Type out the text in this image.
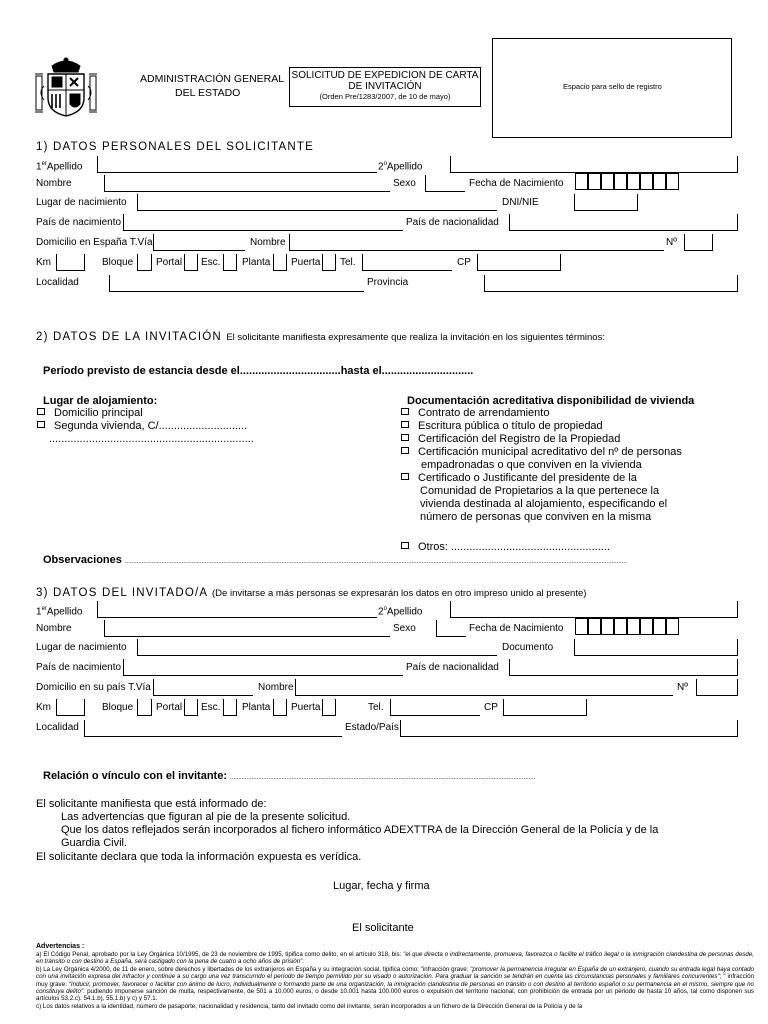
ADMINISTRACIÓN GENERAL
DEL ESTADO
SOLICITUD DE EXPEDICION DE CARTA
DE INVITACIÓN
(Orden Pre/1283/2007, de 10 de mayo)
Espacio para sello de registro
1) DATOS PERSONALES DEL SOLICITANTE
1erApellido	2$^o$Apellido
Nombre	Sexo	Fecha de Nacimiento
Lugar de nacimiento	DNI/NIE
País de nacimiento	País de nacionalidad
Domicilio en España T.Vía	Nombre	Nº
Km	Bloque Portal Esc. Planta Puerta Tel.	CP
Localidad	Provincia
2) DATOS DE LA INVITACIÓN El solicitante manifiesta expresamente que realiza la invitación en los siguientes términos:
Período previsto de estancia desde el.................................hasta el..............................
Lugar de alojamiento:
Domicilio principal
Segunda vivienda, C/.............................
...................................................................
Documentación acreditativa disponibilidad de vivienda
Contrato de arrendamiento
Escritura pública o título de propiedad
Certificación del Registro de la Propiedad
Certificación municipal acreditativo del nº de personas
empadronadas o que conviven en la vivienda
Certificado o Justificante del presidente de la
Comunidad de Propietarios a la que pertenece la
vivienda destinada al alojamiento, especificando el
número de personas que conviven en la misma
Otros: ....................................................
Observaciones .............................................................................................................................................................................................................................................................................................................
3) DATOS DEL INVITADO/A (De invitarse a más personas se expresarán los datos en otro impreso unido al presente)
1erApellido	2$^o$Apellido
Nombre	Sexo	Fecha de Nacimiento
Lugar de nacimiento	Documento
País de nacimiento	País de nacionalidad
Domicilio en su país T.Vía	Nombre	Nº
Km	Bloque Portal Esc. Planta Puerta	Tel.	CP
Localidad	Estado/País
Relación o vínculo con el invitante: .......................................................................................................................................................................................
El solicitante manifiesta que está informado de:
Las advertencias que figuran al pie de la presente solicitud.
Que los datos reflejados serán incorporados al fichero informático ADEXTTRA de la Dirección General de la Policía y de la
Guardia Civil.
El solicitante declara que toda la información expuesta es verídica.
Lugar, fecha y firma
El solicitante

Advertencias :

a) El Código Penal, aprobado por la Ley Orgánica 10/1995, de 23 de noviembre de 1995, tipifica como delito, en el artículo 318, bis: "el que directa o indirectamente, promueva, favorezca o facilite el tráfico ilegal o la inmigración clandestina de personas desde, en tránsito o con destino a España, será castigado con la pena de cuatro a ocho años de prisión".

b) La Ley Orgánica 4/2000, de 11 de enero, sobre derechos y libertades de los extranjeros en España y su integración social, tipifica como: "infracción grave: "promover la permanencia irregular en España de un extranjero, cuando su entrada legal haya contado con una invitación expresa del infractor y continúe a su cargo una vez transcurrido el período de tiempo permitido por su visado o autorización. Para graduar la sanción se tendrán en cuenta las circunstancias personales y familiares concurrentes"; " infracción muy grave: "Inducir, promover, favorecer o facilitar con ánimo de lucro, individualmente o formando parte de una organización, la inmigración clandestina de personas en tránsito o con destino al territorio español o su permanencia en el mismo, siempre que no constituya delito": pudiendo imponerse sanción de multa, respectivamente, de 501 a 10.000 euros, o desde 10.001 hasta 100.000 euros o expulsión del territorio nacional, con prohibición de entrada por un periodo de hasta 10 años, tal como disponen sus artículos 53.2.c). 54.1.b), 55.1.b) y c) y 57.1.

c) Los datos relativos a la identidad, número de pasaporte, nacionalidad y residencia, tanto del invitado como del invitante, serán incorporados a un fichero de la Dirección General de la Policía y de la
